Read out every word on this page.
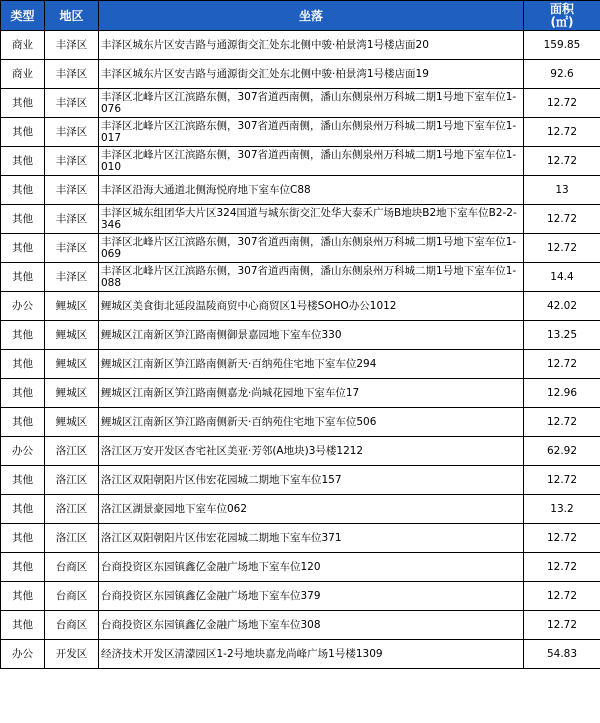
类型	地区	坐落	面积
(㎡)

商业	丰泽区	丰泽区城东片区安吉路与通源街交汇处东北侧中骏·柏景湾1号楼店面20	159.85
商业	丰泽区	丰泽区城东片区安吉路与通源街交汇处东北侧中骏·柏景湾1号楼店面19	92.6
其他	丰泽区	丰泽区北峰片区江滨路东侧，307省道西南侧，潘山东侧泉州万科城二期1号地下室车位1-076	12.72
其他	丰泽区	丰泽区北峰片区江滨路东侧，307省道西南侧，潘山东侧泉州万科城二期1号地下室车位1-017	12.72
其他	丰泽区	丰泽区北峰片区江滨路东侧，307省道西南侧，潘山东侧泉州万科城二期1号地下室车位1-010	12.72
其他	丰泽区	丰泽区沿海大通道北侧海悦府地下室车位C88	13
其他	丰泽区	丰泽区城东组团华大片区324国道与城东街交汇处华大泰禾广场B地块B2地下室车位B2-2-346	12.72
其他	丰泽区	丰泽区北峰片区江滨路东侧，307省道西南侧，潘山东侧泉州万科城二期1号地下室车位1-069	12.72
其他	丰泽区	丰泽区北峰片区江滨路东侧，307省道西南侧，潘山东侧泉州万科城二期1号地下室车位1-088	14.4
办公	鲤城区	鲤城区美食街北延段温陵商贸中心商贸区1号楼SOHO办公1012	42.02
其他	鲤城区	鲤城区江南新区笋江路南侧御景嘉园地下室车位330	13.25
其他	鲤城区	鲤城区江南新区笋江路南侧新天·百纳苑住宅地下室车位294	12.72
其他	鲤城区	鲤城区江南新区笋江路南侧嘉龙·尚城花园地下室车位17	12.96
其他	鲤城区	鲤城区江南新区笋江路南侧新天·百纳苑住宅地下室车位506	12.72
办公	洛江区	洛江区万安开发区杏宅社区美亚·芳邻(A地块)3号楼1212	62.92
其他	洛江区	洛江区双阳朝阳片区伟宏花园城二期地下室车位157	12.72
其他	洛江区	洛江区湖景豪园地下室车位062	13.2
其他	洛江区	洛江区双阳朝阳片区伟宏花园城二期地下室车位371	12.72
其他	台商区	台商投资区东园镇鑫亿金融广场地下室车位120	12.72
其他	台商区	台商投资区东园镇鑫亿金融广场地下室车位379	12.72
其他	台商区	台商投资区东园镇鑫亿金融广场地下室车位308	12.72
办公	开发区	经济技术开发区清濛园区1-2号地块嘉龙尚峰广场1号楼1309	54.83
